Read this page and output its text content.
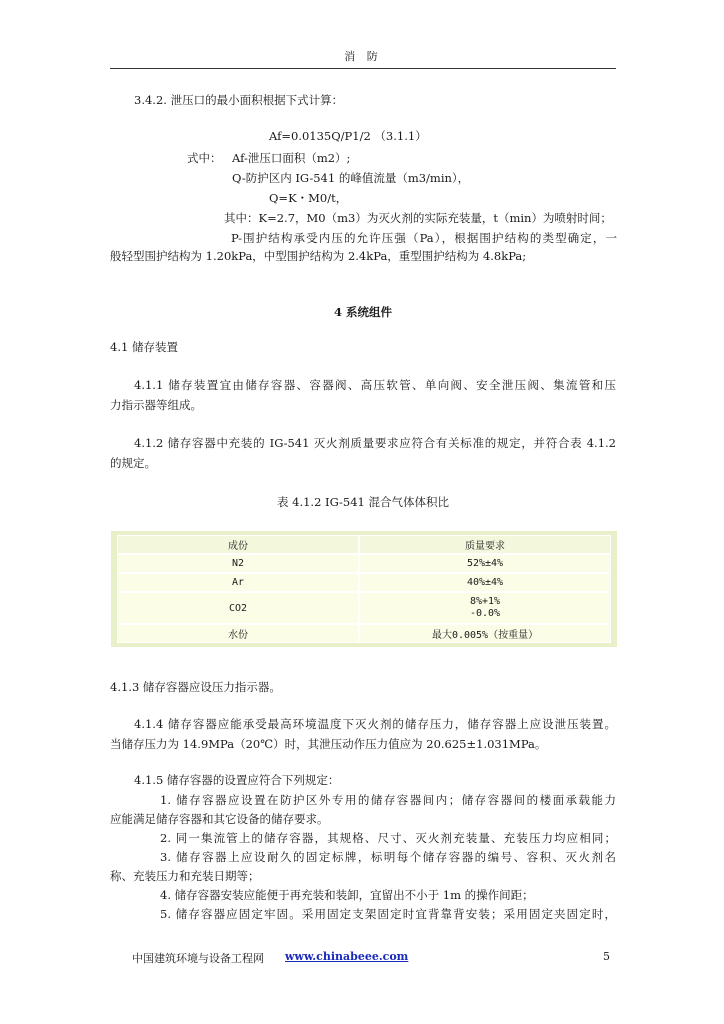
消 防
3.4.2. 泄压口的最小面积根据下式计算：
Af=0.0135Q/P1/2 （3.1.1）
式中： Af-泄压口面积（m2）;
Q-防护区内 IG-541 的峰值流量（m3/min），
Q=K・M0/t，
其中：K=2.7，M0（m3）为灭火剂的实际充装量，t（min）为喷射时间；
P-围护结构承受内压的允许压强（Pa），根据围护结构的类型确定，一
般轻型围护结构为 1.20kPa，中型围护结构为 2.4kPa，重型围护结构为 4.8kPa;
4 系统组件
4.1 储存装置
4.1.1 储存装置宜由储存容器、容器阀、高压软管、单向阀、安全泄压阀、集流管和压
力指示器等组成。
4.1.2 储存容器中充装的 IG-541 灭火剂质量要求应符合有关标准的规定，并符合表 4.1.2
的规定。
表 4.1.2 IG-541 混合气体体积比
成份	质量要求
N2	52%±4%
Ar	40%±4%
CO2	8%+1%
-0.0%

水份	最大0.005%（按重量）
4.1.3 储存容器应设压力指示器。
4.1.4 储存容器应能承受最高环境温度下灭火剂的储存压力，储存容器上应设泄压装置。
当储存压力为 14.9MPa（20℃）时，其泄压动作压力值应为 20.625±1.031MPa。
4.1.5 储存容器的设置应符合下列规定：
1. 储存容器应设置在防护区外专用的储存容器间内；储存容器间的楼面承载能力
应能满足储存容器和其它设备的储存要求。
2. 同一集流管上的储存容器，其规格、尺寸、灭火剂充装量、充装压力均应相同；
3. 储存容器上应设耐久的固定标牌，标明每个储存容器的编号、容积、灭火剂名
称、充装压力和充装日期等；
4. 储存容器安装应能便于再充装和装卸，宜留出不小于 1m 的操作间距；
5. 储存容器应固定牢固。采用固定支架固定时宜背靠背安装；采用固定夹固定时，
中国建筑环境与设备工程网 www.chinabeee.com	5
